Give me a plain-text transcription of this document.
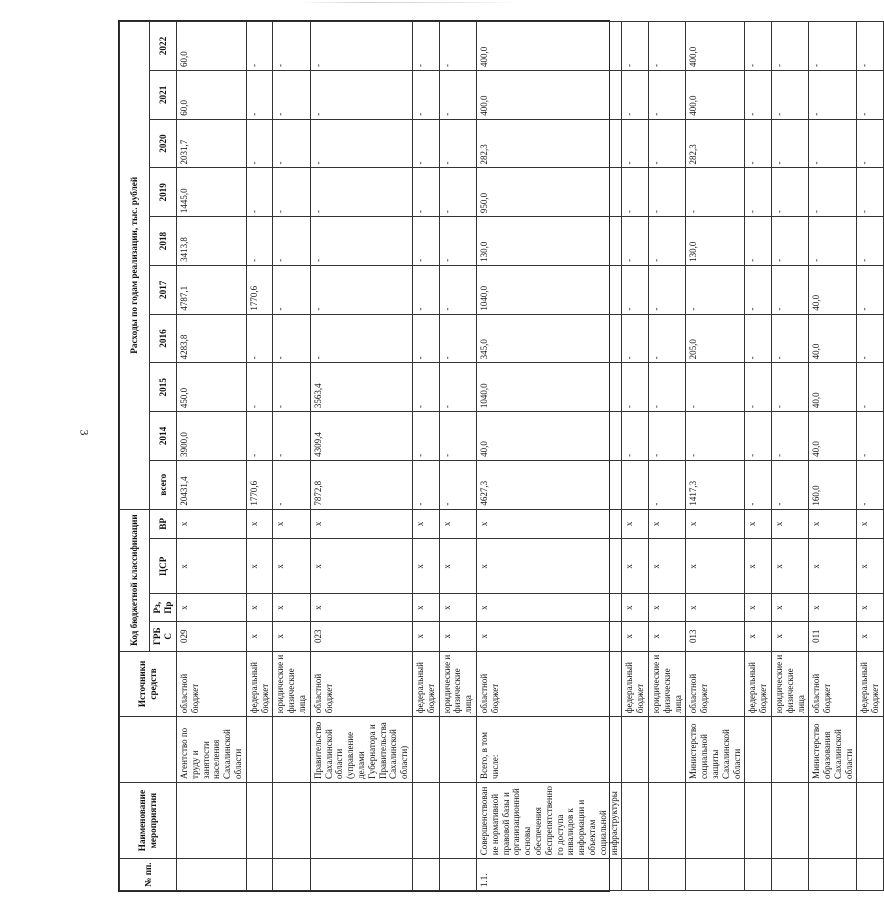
3
№ пп.	Наименование мероприятия		Источники средств	Код бюджетной классификации				Расходы по годам реализации, тыс. рублей									
				ГРБС	Рз, Пр	ЦСР	ВР	всего	2014	2015	2016	2017	2018	2019	2020	2021	2022
		Агентство по труду и занятости населения Сахалинской области	областной бюджет	029	x	x	x	20431,4	3900,0	450,0	4283,8	4787,1	3413,8	1445,0	2031,7	60,0	60,0
			федеральный бюджет	x	x	x	x	1770,6	-	-	-	1770,6	-	-	-	-	-
			юридические и физические лица	x	x	x	x	-	-	-	-	-	-	-	-	-	-
		Правительство Сахалинской области (управление делами Губернатора и Правительства Сахалинской области)	областной бюджет	023	x	x	x	7872,8	4309,4	3563,4	-	-	-	-	-	-	-
			федеральный бюджет	x	x	x	x	-	-	-	-	-	-	-	-	-	-
			юридические и физические лица	x	x	x	x	-	-	-	-	-	-	-	-	-	-
1.1.	Совершенствование нормативной правовой базы и организационной основы обеспечения беспрепятственного доступа инвалидов к информации и объектам социальной инфраструктуры	Всего, в том числе:	областной бюджет	x	x	x	x	4627,3	40,0	1040,0	345,0	1040,0	130,0	950,0	282,3	400,0	400,0
			федеральный бюджет	x	x	x	x		-	-	-	-	-	-	-	-	-
			юридические и физические лица	x	x	x	x	-	-	-	-	-	-	-	-	-	-
		Министерство социальной защиты Сахалинской области	областной бюджет	013	x	x	x	1417,3	-	-	205,0	-	130,0	-	282,3	400,0	400,0
			федеральный бюджет	x	x	x	x	-	-	-	-	-	-	-	-	-	-
			юридические и физические лица	x	x	x	x	-	-	-	-	-	-	-	-	-	-
		Министерство образования Сахалинской области	областной бюджет	011	x	x	x	160,0	40,0	40,0	40,0	40,0	-	-	-	-	-
			федеральный бюджет	x	x	x	x	-	-	-	-	-	-	-	-	-	-
